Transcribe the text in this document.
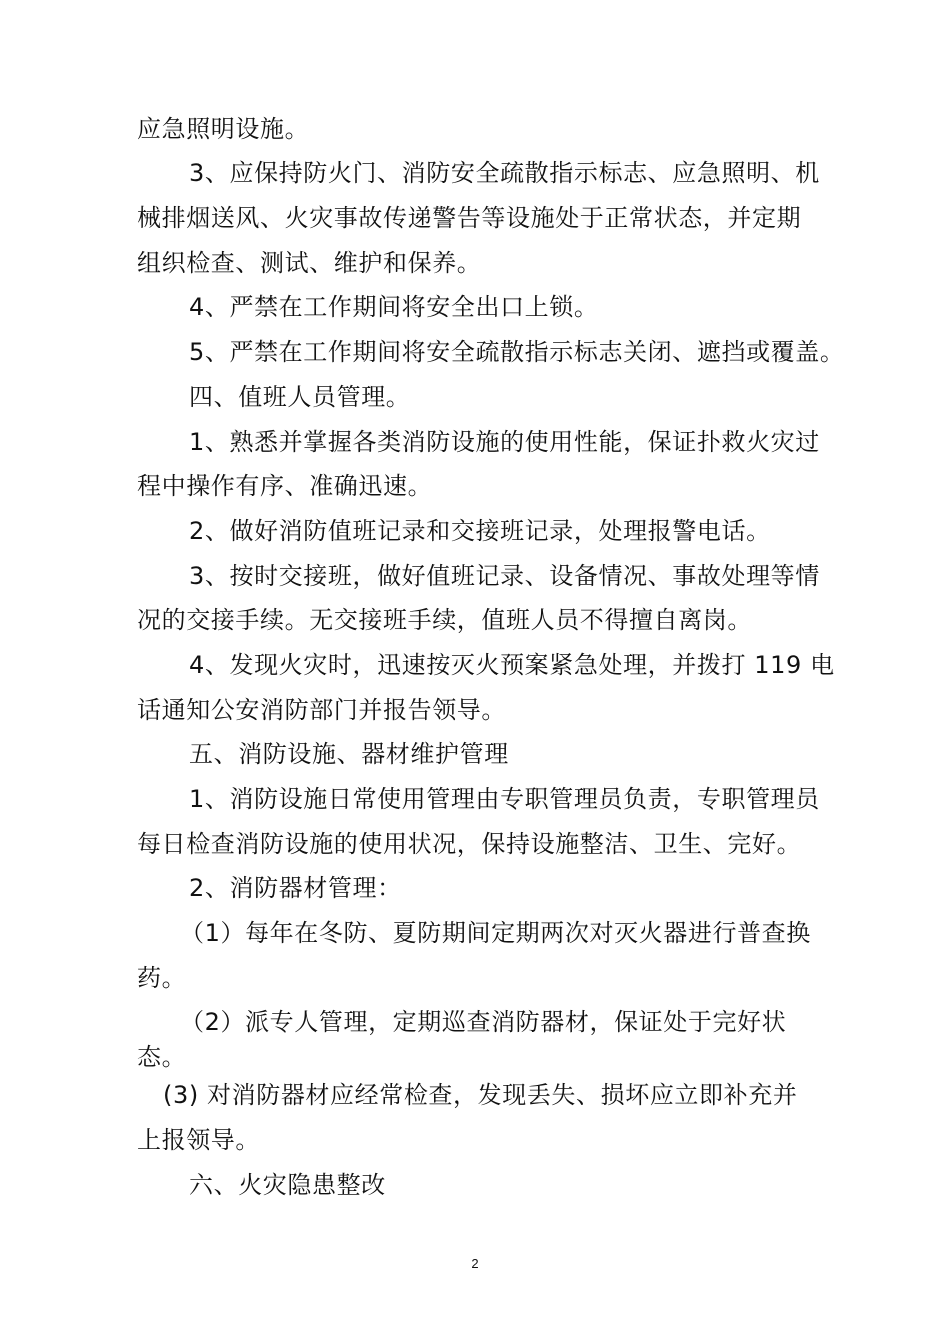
应急照明设施。
3、应保持防火门、消防安全疏散指示标志、应急照明、机
械排烟送风、火灾事故传递警告等设施处于正常状态，并定期
组织检查、测试、维护和保养。
4、严禁在工作期间将安全出口上锁。
5、严禁在工作期间将安全疏散指示标志关闭、遮挡或覆盖。
四、值班人员管理。
1、熟悉并掌握各类消防设施的使用性能，保证扑救火灾过
程中操作有序、准确迅速。
2、做好消防值班记录和交接班记录，处理报警电话。
3、按时交接班，做好值班记录、设备情况、事故处理等情
况的交接手续。无交接班手续，值班人员不得擅自离岗。
4、发现火灾时，迅速按灭火预案紧急处理，并拨打 119 电
话通知公安消防部门并报告领导。
五、消防设施、器材维护管理
1、消防设施日常使用管理由专职管理员负责，专职管理员
每日检查消防设施的使用状况，保持设施整洁、卫生、完好。
2、消防器材管理：
（1）每年在冬防、夏防期间定期两次对灭火器进行普查换
药。
（2）派专人管理，定期巡查消防器材，保证处于完好状
态。
(3) 对消防器材应经常检查，发现丢失、损坏应立即补充并
上报领导。
六、火灾隐患整改
2
